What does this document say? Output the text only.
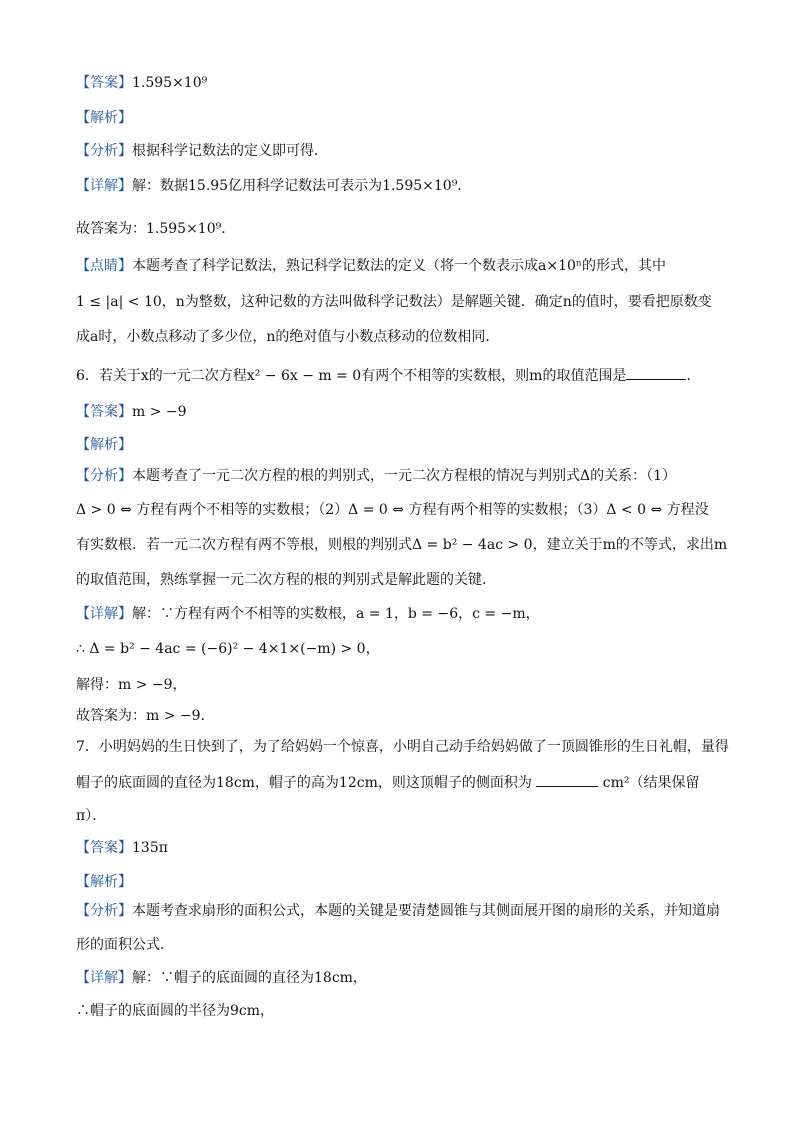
【答案】1.595×10⁹
【解析】
【分析】根据科学记数法的定义即可得．
【详解】解：数据15.95亿用科学记数法可表示为1.595×10⁹．
故答案为：1.595×10⁹．
【点睛】本题考查了科学记数法，熟记科学记数法的定义（将一个数表示成a×10ⁿ的形式，其中
1 ≤ |a| < 10，n为整数，这种记数的方法叫做科学记数法）是解题关键．确定n的值时，要看把原数变
成a时，小数点移动了多少位，n的绝对值与小数点移动的位数相同．
6．若关于x的一元二次方程x² − 6x − m = 0有两个不相等的实数根，则m的取值范围是	．
【答案】m > −9
【解析】
【分析】本题考查了一元二次方程的根的判别式，一元二次方程根的情况与判别式Δ的关系：（1）
Δ > 0 ⇔ 方程有两个不相等的实数根；（2）Δ = 0 ⇔ 方程有两个相等的实数根；（3）Δ < 0 ⇔ 方程没
有实数根．若一元二次方程有两不等根，则根的判别式Δ = b² − 4ac > 0，建立关于m的不等式，求出m
的取值范围，熟练掌握一元二次方程的根的判别式是解此题的关键．
【详解】解：∵方程有两个不相等的实数根，a = 1，b = −6，c = −m，
∴ Δ = b² − 4ac = (−6)² − 4×1×(−m) > 0，
解得：m > −9，
故答案为：m > −9．
7．小明妈妈的生日快到了，为了给妈妈一个惊喜，小明自己动手给妈妈做了一顶圆锥形的生日礼帽，量得
帽子的底面圆的直径为18cm，帽子的高为12cm，则这顶帽子的侧面积为	cm²（结果保留
π）．
【答案】135π
【解析】
【分析】本题考查求扇形的面积公式，本题的关键是要清楚圆锥与其侧面展开图的扇形的关系，并知道扇
形的面积公式．
【详解】解：∵帽子的底面圆的直径为18cm，
∴帽子的底面圆的半径为9cm，
